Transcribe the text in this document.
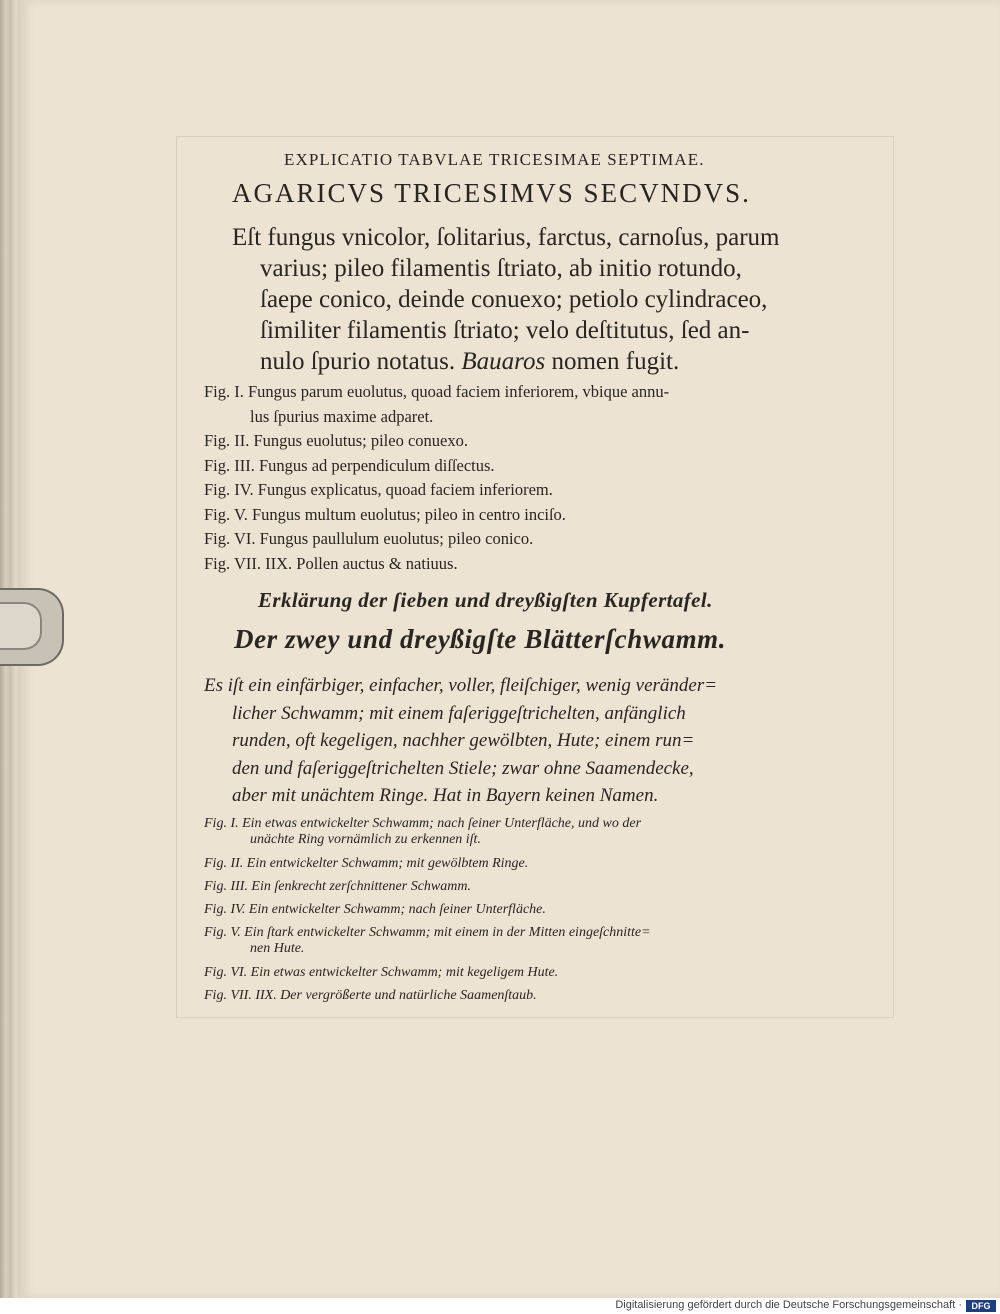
EXPLICATIO TABVLAE TRICESIMAE SEPTIMAE.
AGARICVS TRICESIMVS SECVNDVS.
Eſt fungus vnicolor, ſolitarius, farctus, carnoſus, parum
varius; pileo filamentis ſtriato, ab initio rotundo,
ſaepe conico, deinde conuexo; petiolo cylindraceo,
ſimiliter filamentis ſtriato; velo deſtitutus, ſed an-
nulo ſpurio notatus. Bauaros nomen fugit.
Fig. I. Fungus parum euolutus, quoad faciem inferiorem, vbique annu-
lus ſpurius maxime adparet.
Fig. II. Fungus euolutus; pileo conuexo.
Fig. III. Fungus ad perpendiculum diſſectus.
Fig. IV. Fungus explicatus, quoad faciem inferiorem.
Fig. V. Fungus multum euolutus; pileo in centro inciſo.
Fig. VI. Fungus paullulum euolutus; pileo conico.
Fig. VII. IIX. Pollen auctus & natiuus.
Erklärung der ſieben und dreyßigſten Kupfertafel.
Der zwey und dreyßigſte Blätterſchwamm.
Es iſt ein einfärbiger, einfacher, voller, fleiſchiger, wenig veränder=
licher Schwamm; mit einem faſeriggeſtrichelten, anfänglich
runden, oft kegeligen, nachher gewölbten, Hute; einem run=
den und faſeriggeſtrichelten Stiele; zwar ohne Saamendecke,
aber mit unächtem Ringe. Hat in Bayern keinen Namen.
Fig. I. Ein etwas entwickelter Schwamm; nach ſeiner Unterfläche, und wo der
unächte Ring vornämlich zu erkennen iſt.
Fig. II. Ein entwickelter Schwamm; mit gewölbtem Ringe.
Fig. III. Ein ſenkrecht zerſchnittener Schwamm.
Fig. IV. Ein entwickelter Schwamm; nach ſeiner Unterfläche.
Fig. V. Ein ſtark entwickelter Schwamm; mit einem in der Mitten eingeſchnitte=
nen Hute.
Fig. VI. Ein etwas entwickelter Schwamm; mit kegeligem Hute.
Fig. VII. IIX. Der vergrößerte und natürliche Saamenſtaub.
Digitalisierung gefördert durch die Deutsche Forschungsgemeinschaft ·	DFG
